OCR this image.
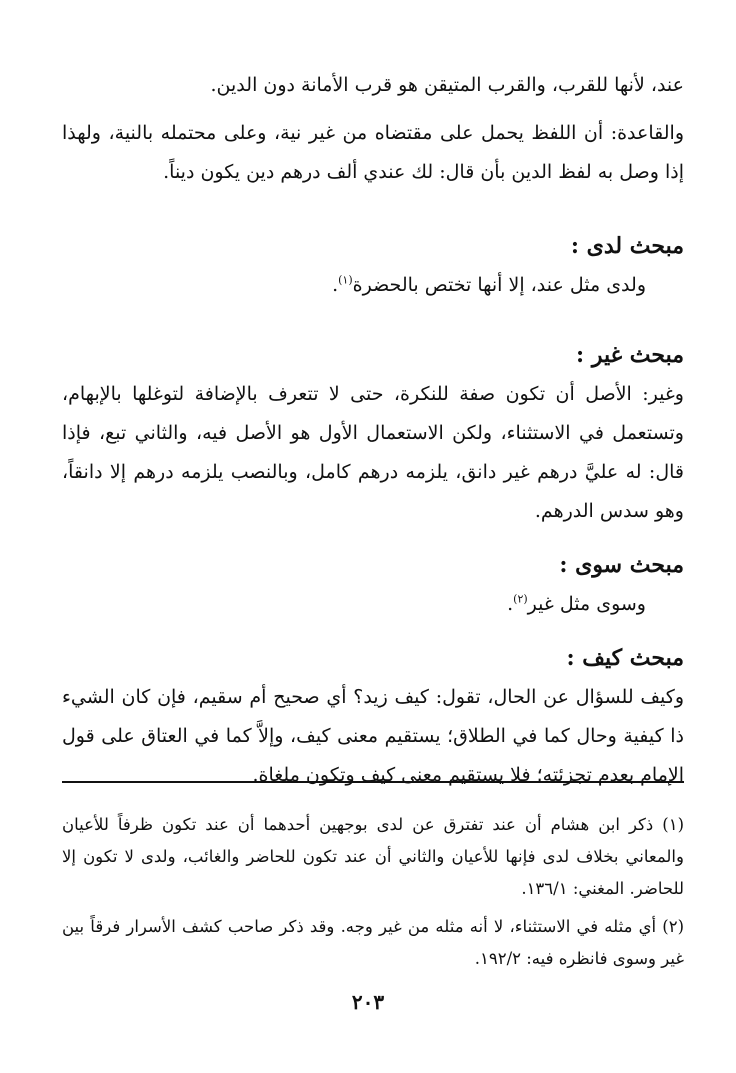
عند، لأنها للقرب، والقرب المتيقن هو قرب الأمانة دون الدين.

والقاعدة: أن اللفظ يحمل على مقتضاه من غير نية، وعلى محتمله بالنية، ولهذا إذا وصل به لفظ الدين بأن قال: لك عندي ألف درهم دين يكون ديناً.

مبحث لدى :

ولدى مثل عند، إلا أنها تختص بالحضرة$^{(١)}$.

مبحث غير :

وغير: الأصل أن تكون صفة للنكرة، حتى لا تتعرف بالإضافة لتوغلها بالإبهام، وتستعمل في الاستثناء، ولكن الاستعمال الأول هو الأصل فيه، والثاني تبع، فإذا قال: له عليَّ درهم غير دانق، يلزمه درهم كامل، وبالنصب يلزمه درهم إلا دانقاً، وهو سدس الدرهم.

مبحث سوى :

وسوى مثل غير$^{(٢)}$.

مبحث كيف :

وكيف للسؤال عن الحال، تقول: كيف زيد؟ أي صحيح أم سقيم، فإن كان الشيء ذا كيفية وحال كما في الطلاق؛ يستقيم معنى كيف، وإلاَّ كما في العتاق على قول الإمام بعدم تجزئته؛ فلا يستقيم معنى كيف وتكون ملغاة.

(١) ذكر ابن هشام أن عند تفترق عن لدى بوجهين أحدهما أن عند تكون ظرفاً للأعيان والمعاني بخلاف لدى فإنها للأعيان والثاني أن عند تكون للحاضر والغائب، ولدى لا تكون إلا للحاضر. المغني: ١٣٦/١.

(٢) أي مثله في الاستثناء، لا أنه مثله من غير وجه. وقد ذكر صاحب كشف الأسرار فرقاً بين غير وسوى فانظره فيه: ١٩٢/٢.

٢٠٣
